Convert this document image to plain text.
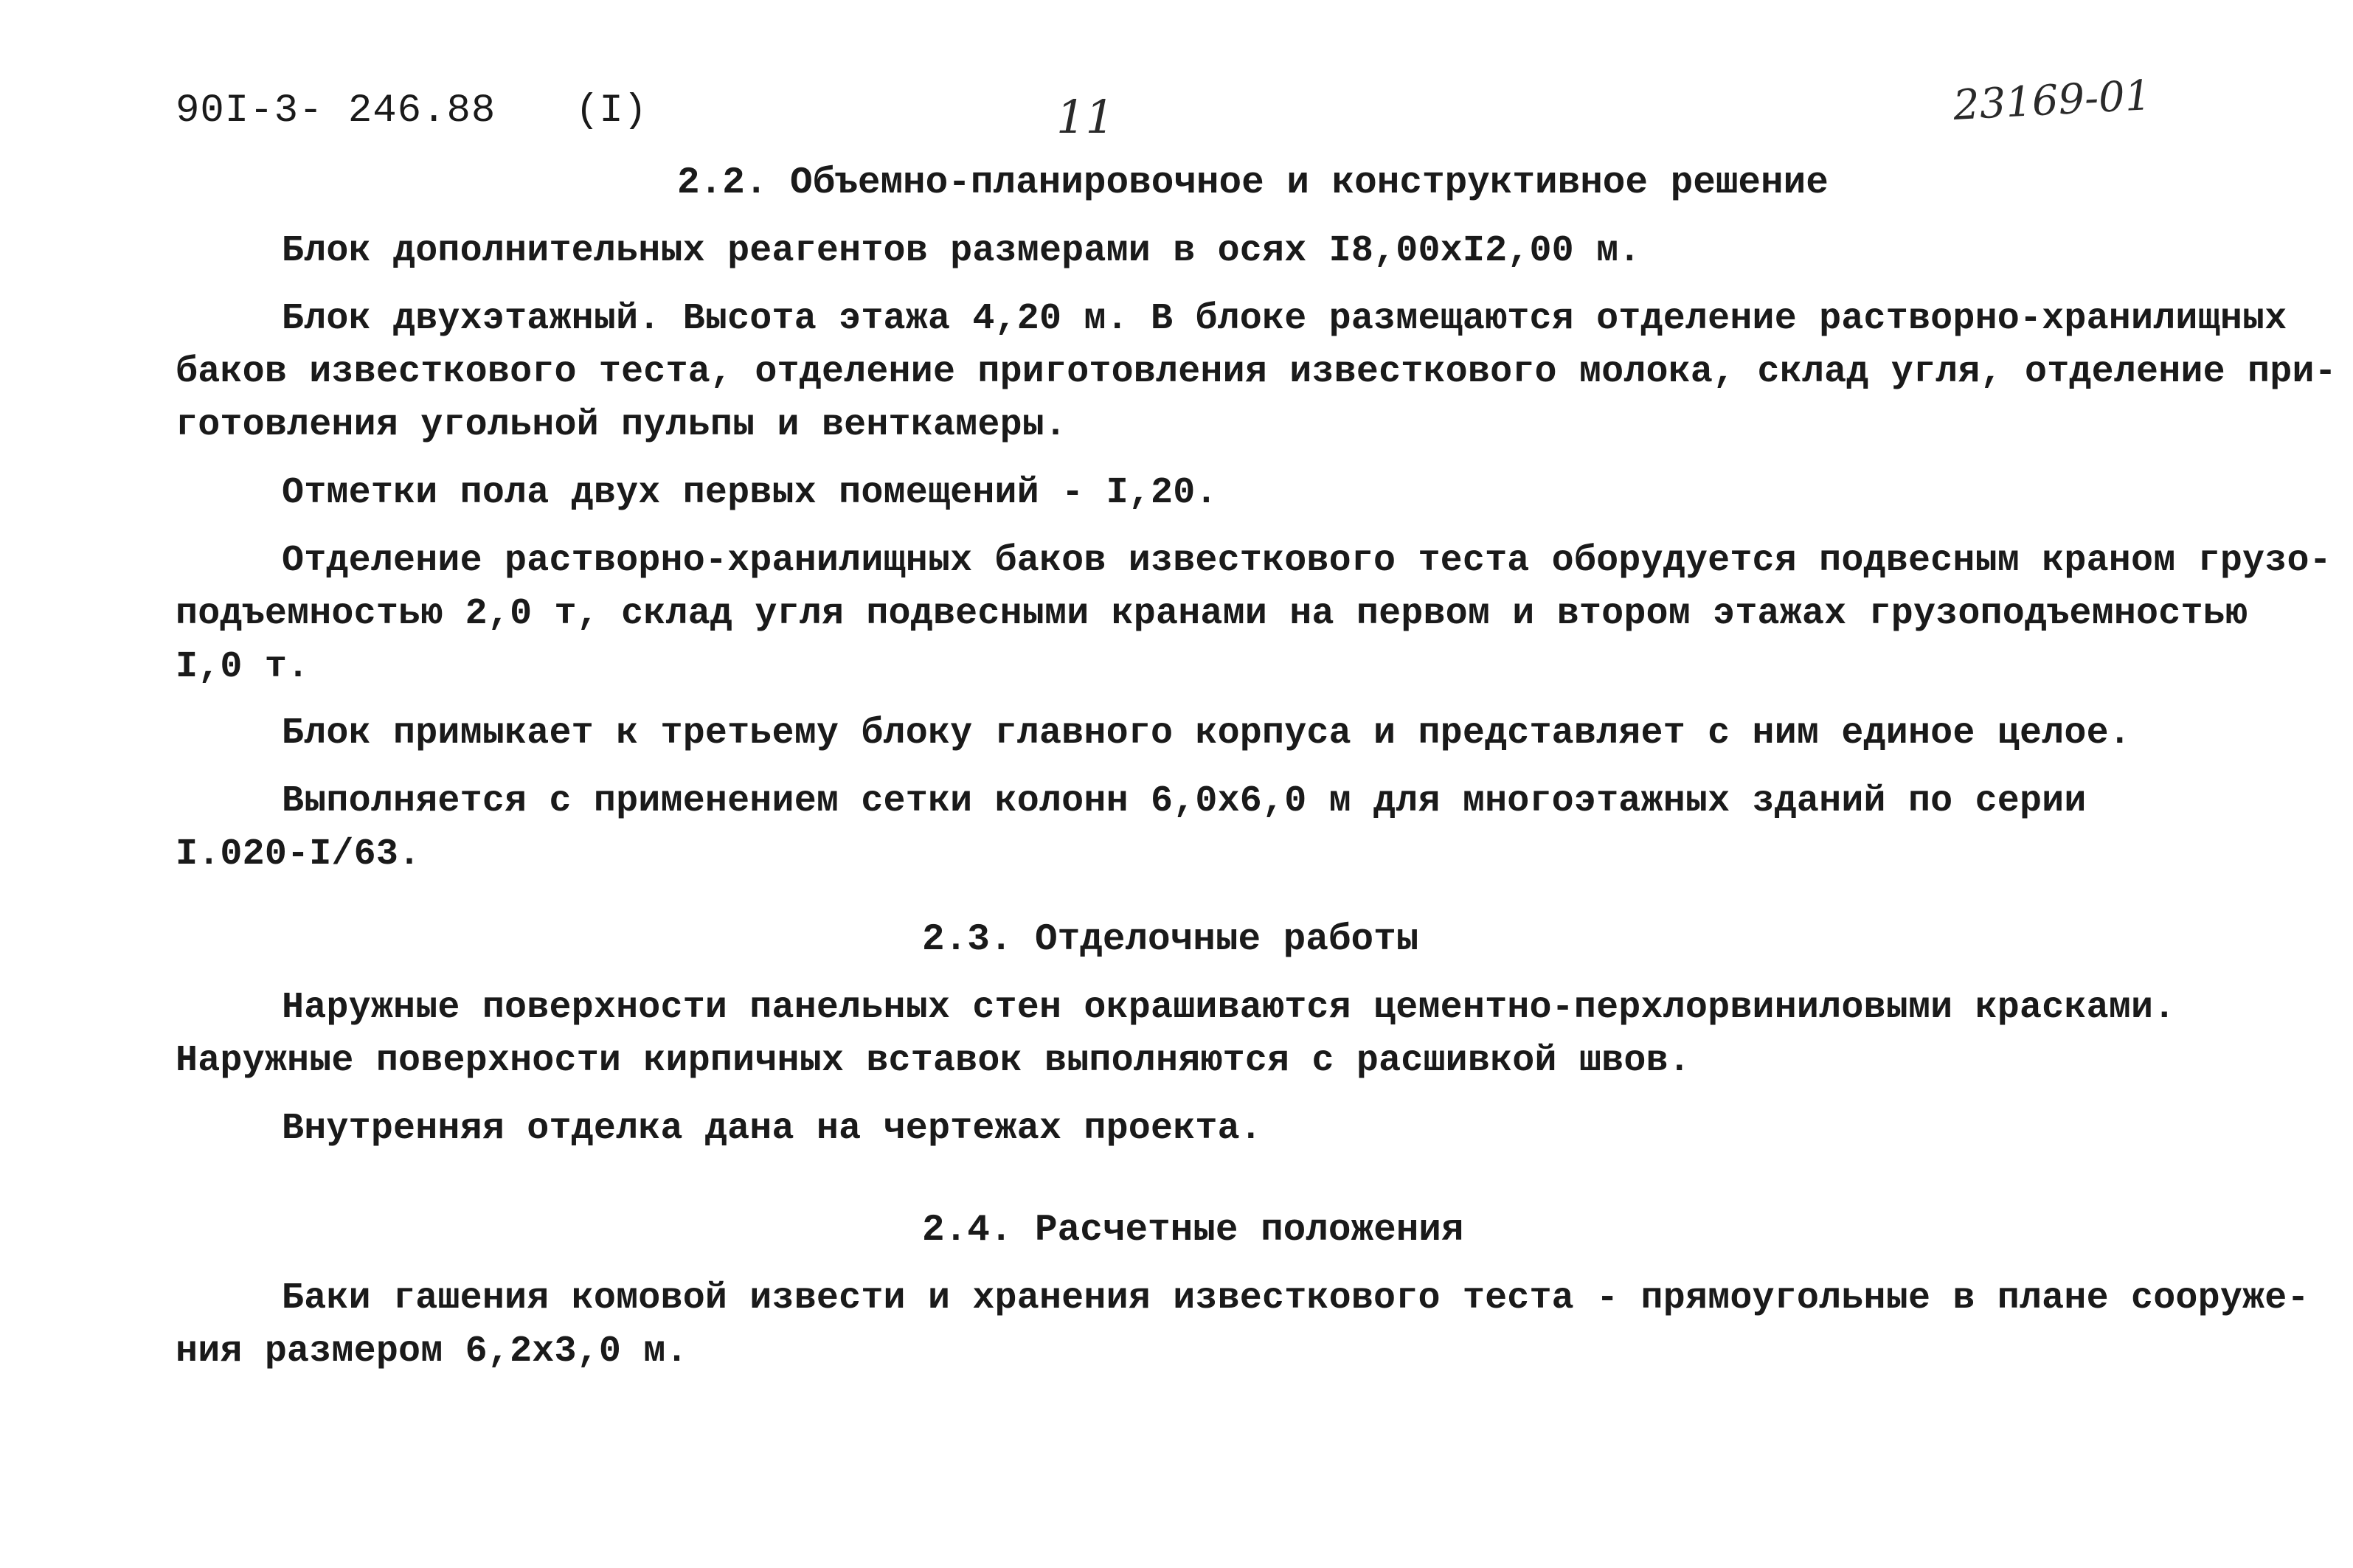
90I-3- 246.88 (I)	11	23169-01
2.2. Объемно-планировочное и конструктивное решение
Блок дополнительных реагентов размерами в осях I8,00хI2,00 м.
Блок двухэтажный. Высота этажа 4,20 м. В блоке размещаются отделение растворно-хранилищных
баков известкового теста, отделение приготовления известкового молока, склад угля, отделение при-
готовления угольной пульпы и венткамеры.
Отметки пола двух первых помещений - I,20.
Отделение растворно-хранилищных баков известкового теста оборудуется подвесным краном грузо-
подъемностью 2,0 т, склад угля подвесными кранами на первом и втором этажах грузоподъемностью
I,0 т.
Блок примыкает к третьему блоку главного корпуса и представляет с ним единое целое.
Выполняется с применением сетки колонн 6,0х6,0 м для многоэтажных зданий по серии
I.020-I/63.
2.3. Отделочные работы
Наружные поверхности панельных стен окрашиваются цементно-перхлорвиниловыми красками.
Наружные поверхности кирпичных вставок выполняются с расшивкой швов.
Внутренняя отделка дана на чертежах проекта.
2.4. Расчетные положения
Баки гашения комовой извести и хранения известкового теста - прямоугольные в плане сооруже-
ния размером 6,2х3,0 м.
